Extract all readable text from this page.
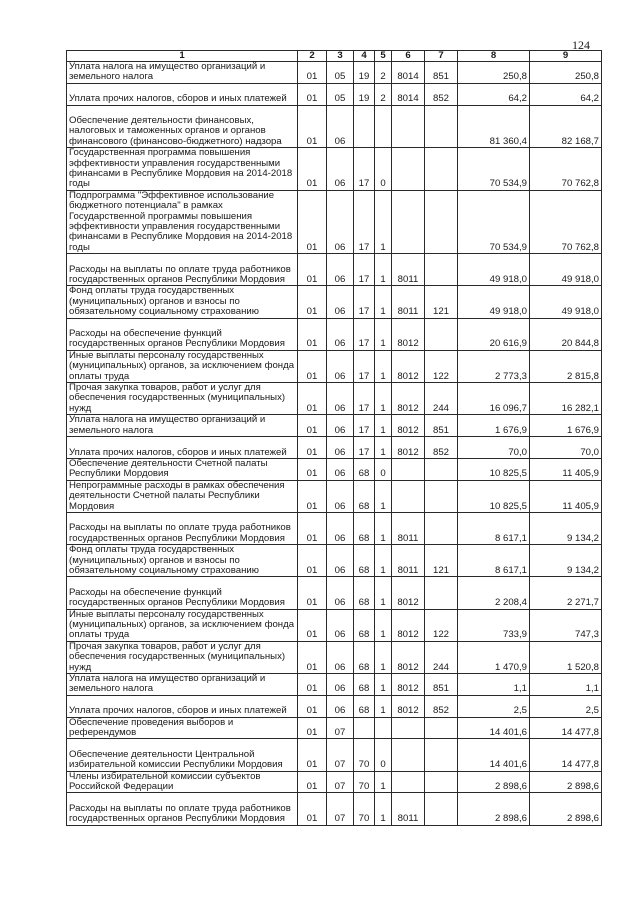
124
1	2	3	4	5	6	7	8	9
Уплата налога на имущество организаций и земельного налога	01	05	19	2	8014	851	250,8	250,8
Уплата прочих налогов, сборов и иных платежей	01	05	19	2	8014	852	64,2	64,2
Обеспечение деятельности финансовых, налоговых и таможенных органов и органов финансового (финансово-бюджетного) надзора	01	06					81 360,4	82 168,7
Государственная программа повышения эффективности управления государственными финансами в Республике Мордовия на 2014-2018 годы	01	06	17	0			70 534,9	70 762,8
Подпрограмма "Эффективное использование бюджетного потенциала" в рамках Государственной программы повышения эффективности управления государственными финансами в Республике Мордовия на 2014-2018 годы	01	06	17	1			70 534,9	70 762,8
Расходы на выплаты по оплате труда работников государственных органов Республики Мордовия	01	06	17	1	8011		49 918,0	49 918,0
Фонд оплаты труда государственных (муниципальных) органов и взносы по обязательному социальному страхованию	01	06	17	1	8011	121	49 918,0	49 918,0
Расходы на обеспечение функций государственных органов Республики Мордовия	01	06	17	1	8012		20 616,9	20 844,8
Иные выплаты персоналу государственных (муниципальных) органов, за исключением фонда оплаты труда	01	06	17	1	8012	122	2 773,3	2 815,8
Прочая закупка товаров, работ и услуг для обеспечения государственных (муниципальных) нужд	01	06	17	1	8012	244	16 096,7	16 282,1
Уплата налога на имущество организаций и земельного налога	01	06	17	1	8012	851	1 676,9	1 676,9
Уплата прочих налогов, сборов и иных платежей	01	06	17	1	8012	852	70,0	70,0
Обеспечение деятельности Счетной палаты Республики Мордовия	01	06	68	0			10 825,5	11 405,9
Непрограммные расходы в рамках обеспечения деятельности Счетной палаты Республики Мордовия	01	06	68	1			10 825,5	11 405,9
Расходы на выплаты по оплате труда работников государственных органов Республики Мордовия	01	06	68	1	8011		8 617,1	9 134,2
Фонд оплаты труда государственных (муниципальных) органов и взносы по обязательному социальному страхованию	01	06	68	1	8011	121	8 617,1	9 134,2
Расходы на обеспечение функций государственных органов Республики Мордовия	01	06	68	1	8012		2 208,4	2 271,7
Иные выплаты персоналу государственных (муниципальных) органов, за исключением фонда оплаты труда	01	06	68	1	8012	122	733,9	747,3
Прочая закупка товаров, работ и услуг для обеспечения государственных (муниципальных) нужд	01	06	68	1	8012	244	1 470,9	1 520,8
Уплата налога на имущество организаций и земельного налога	01	06	68	1	8012	851	1,1	1,1
Уплата прочих налогов, сборов и иных платежей	01	06	68	1	8012	852	2,5	2,5
Обеспечение проведения выборов и референдумов	01	07					14 401,6	14 477,8
Обеспечение деятельности Центральной избирательной комиссии Республики Мордовия	01	07	70	0			14 401,6	14 477,8
Члены избирательной комиссии субъектов Российской Федерации	01	07	70	1			2 898,6	2 898,6
Расходы на выплаты по оплате труда работников государственных органов Республики Мордовия	01	07	70	1	8011		2 898,6	2 898,6
